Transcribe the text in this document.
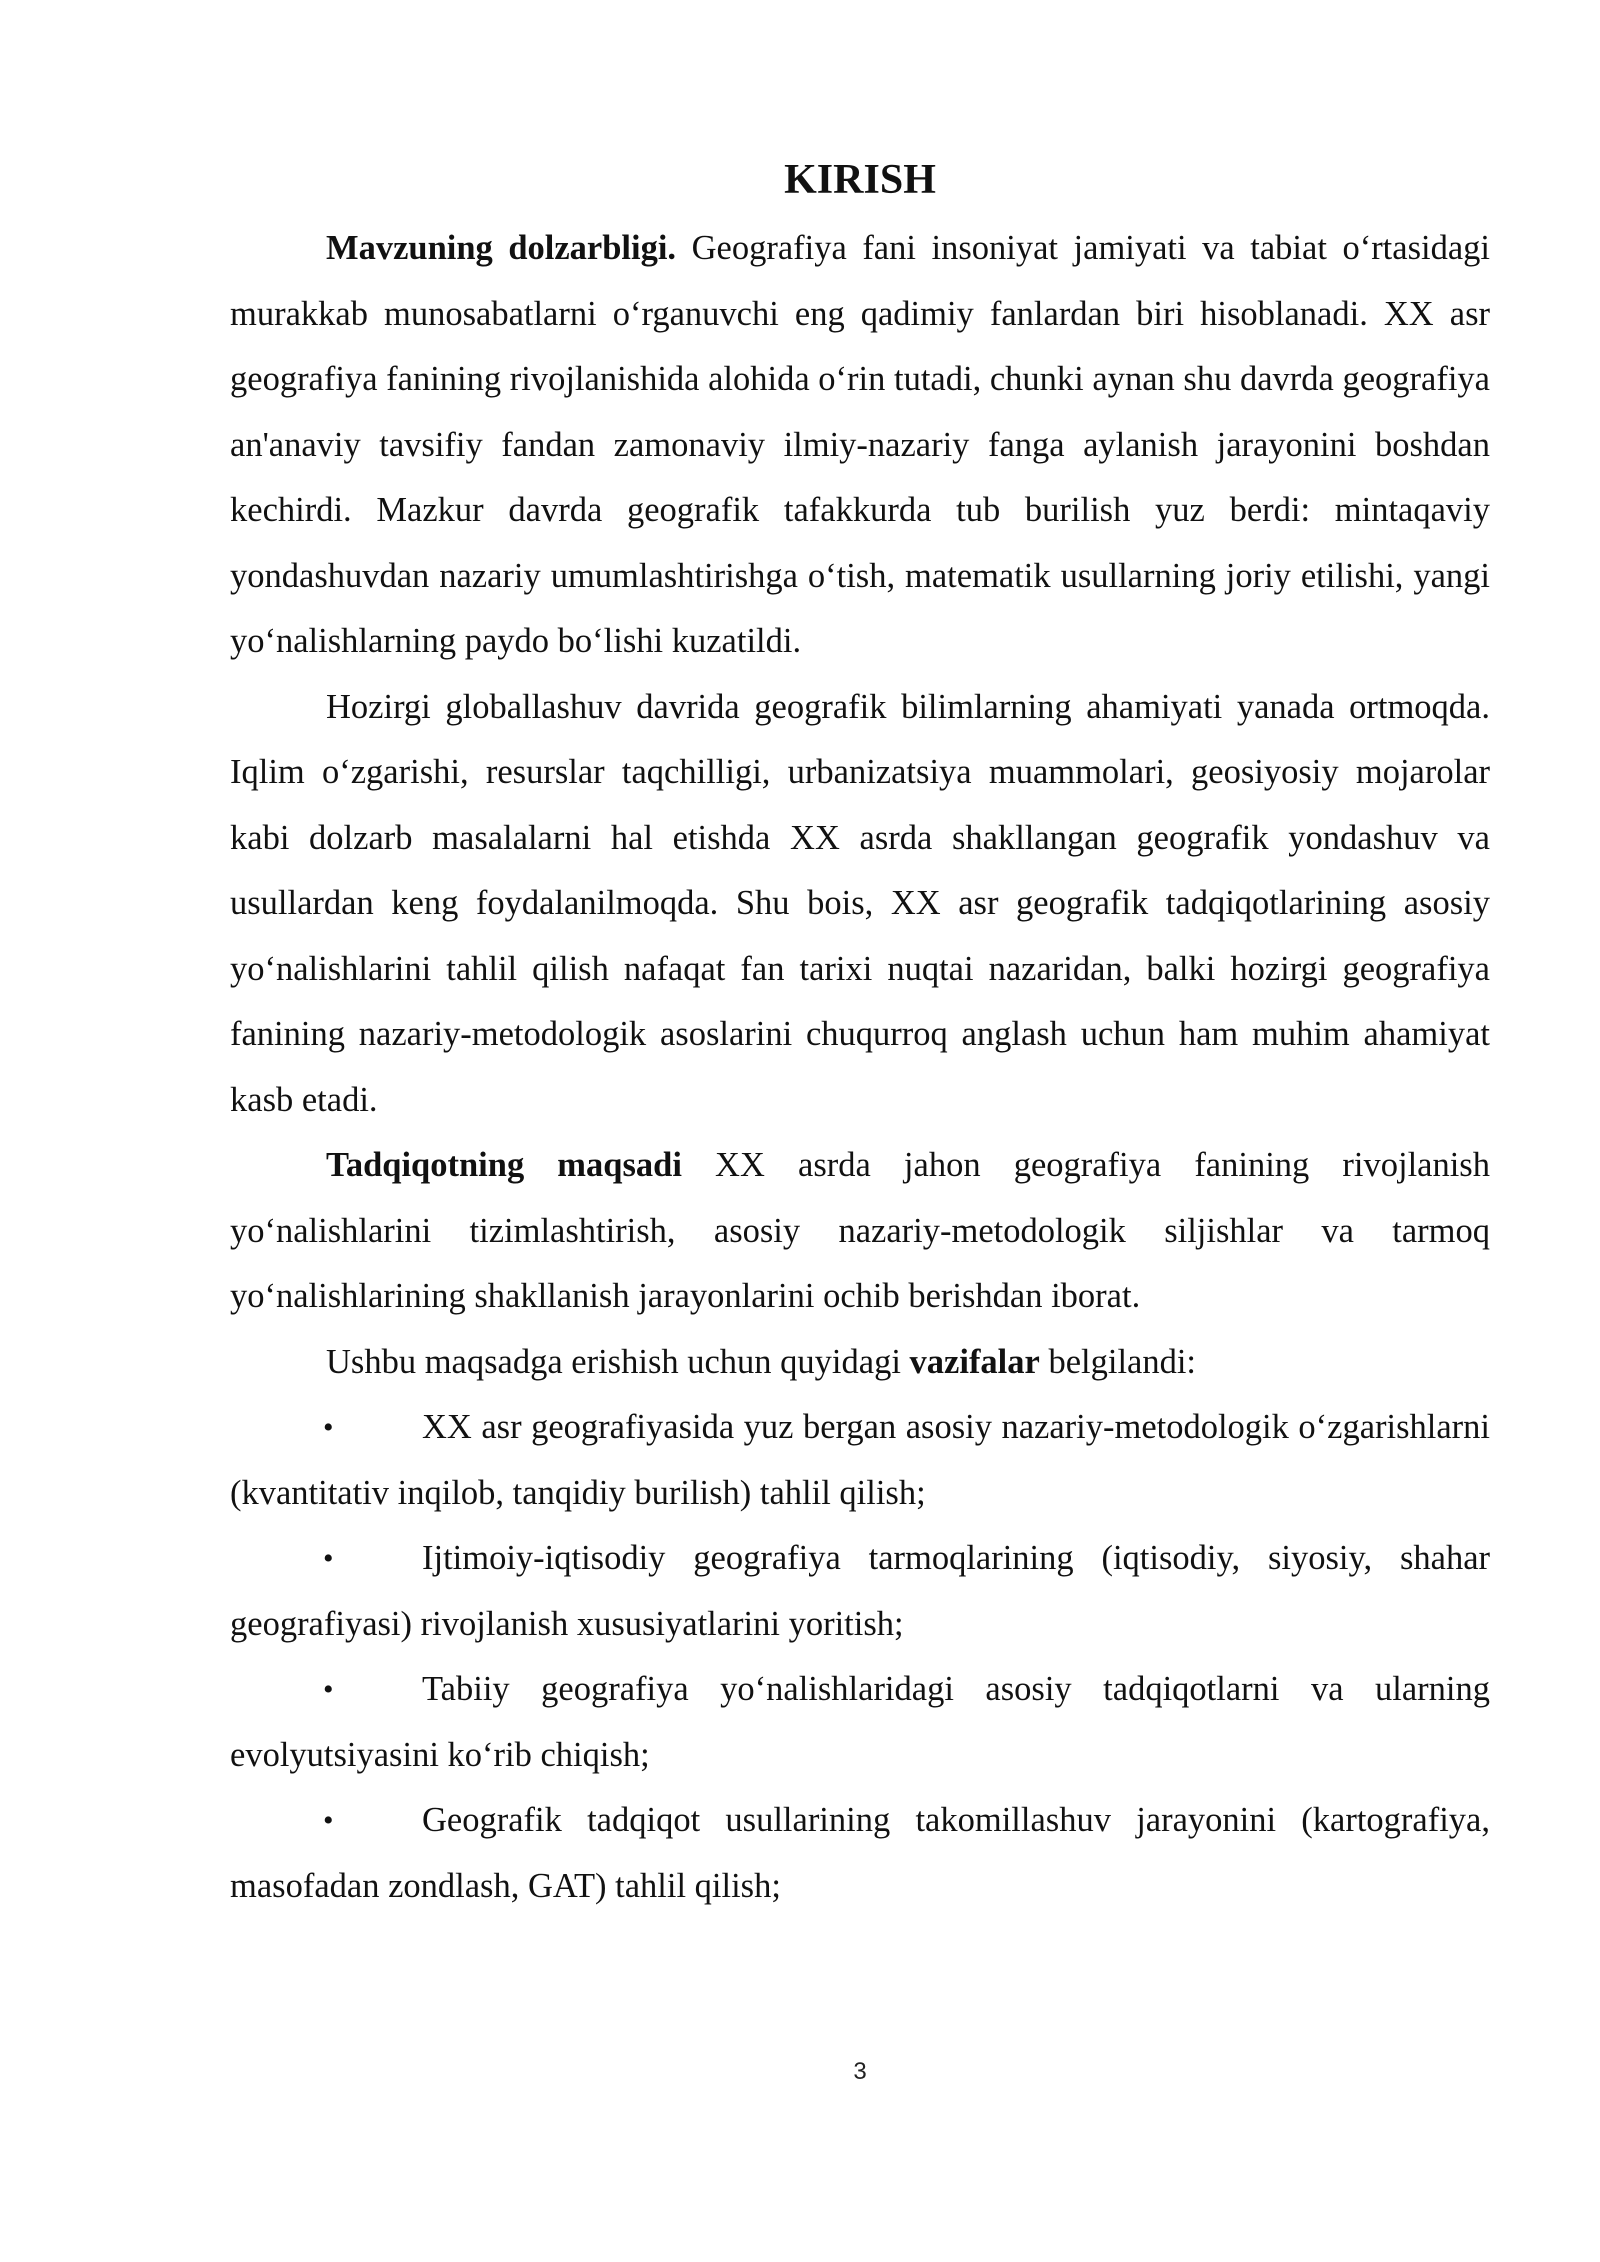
KIRISH

Mavzuning dolzarbligi. Geografiya fani insoniyat jamiyati va tabiat o‘rtasidagi murakkab munosabatlarni o‘rganuvchi eng qadimiy fanlardan biri hisoblanadi. XX asr geografiya fanining rivojlanishida alohida o‘rin tutadi, chunki aynan shu davrda geografiya an'anaviy tavsifiy fandan zamonaviy ilmiy-nazariy fanga aylanish jarayonini boshdan kechirdi. Mazkur davrda geografik tafakkurda tub burilish yuz berdi: mintaqaviy yondashuvdan nazariy umumlashtirishga o‘tish, matematik usullarning joriy etilishi, yangi yo‘nalishlarning paydo bo‘lishi kuzatildi.

Hozirgi globallashuv davrida geografik bilimlarning ahamiyati yanada ortmoqda. Iqlim o‘zgarishi, resurslar taqchilligi, urbanizatsiya muammolari, geosiyosiy mojarolar kabi dolzarb masalalarni hal etishda XX asrda shakllangan geografik yondashuv va usullardan keng foydalanilmoqda. Shu bois, XX asr geografik tadqiqotlarining asosiy yo‘nalishlarini tahlil qilish nafaqat fan tarixi nuqtai nazaridan, balki hozirgi geografiya fanining nazariy-metodologik asoslarini chuqurroq anglash uchun ham muhim ahamiyat kasb etadi.

Tadqiqotning maqsadi XX asrda jahon geografiya fanining rivojlanish yo‘nalishlarini tizimlashtirish, asosiy nazariy-metodologik siljishlar va tarmoq yo‘nalishlarining shakllanish jarayonlarini ochib berishdan iborat.

Ushbu maqsadga erishish uchun quyidagi vazifalar belgilandi:

•	XX asr geografiyasida yuz bergan asosiy nazariy-metodologik o‘zgarishlarni (kvantitativ inqilob, tanqidiy burilish) tahlil qilish;

•	Ijtimoiy-iqtisodiy geografiya tarmoqlarining (iqtisodiy, siyosiy, shahar geografiyasi) rivojlanish xususiyatlarini yoritish;

•	Tabiiy geografiya yo‘nalishlaridagi asosiy tadqiqotlarni va ularning evolyutsiyasini ko‘rib chiqish;

•	Geografik tadqiqot usullarining takomillashuv jarayonini (kartografiya, masofadan zondlash, GAT) tahlil qilish;

3
